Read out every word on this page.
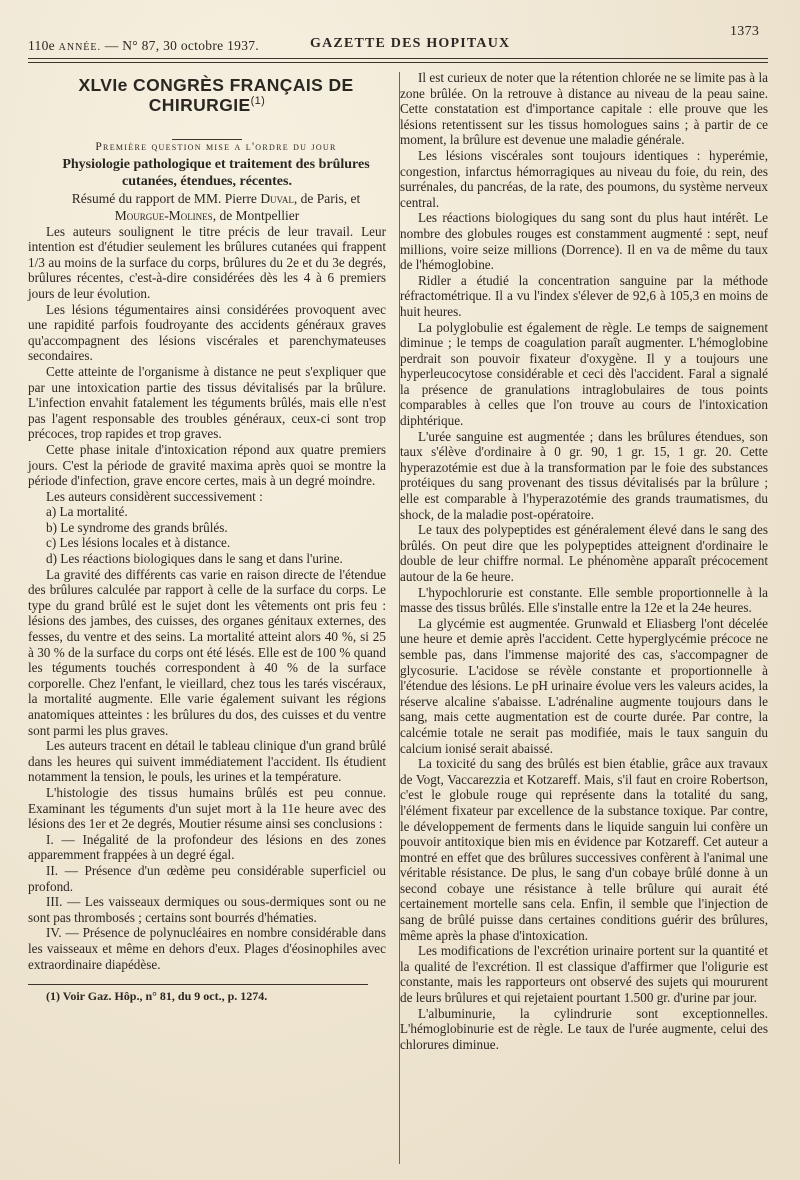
110e ANNÉE. — N° 87, 30 octobre 1937.	GAZETTE DES HOPITAUX
1373

XLVIe CONGRÈS FRANÇAIS DE CHIRURGIE$^{(1)}$

Première question mise a l'ordre du jour

Physiologie pathologique et traitement des brûlures cutanées, étendues, récentes.

Résumé du rapport de MM. Pierre Duval, de Paris, et Mourgue-Molines, de Montpellier

Les auteurs soulignent le titre précis de leur travail. Leur intention est d'étudier seulement les brûlures cutanées qui frappent 1/3 au moins de la surface du corps, brûlures du 2e et du 3e degrés, brûlures récentes, c'est-à-dire considérées dès les 4 à 6 premiers jours de leur évolution.

Les lésions tégumentaires ainsi considérées provoquent avec une rapidité parfois foudroyante des accidents généraux graves qu'accompagnent des lésions viscérales et parenchymateuses secondaires.

Cette atteinte de l'organisme à distance ne peut s'expliquer que par une intoxication partie des tissus dévitalisés par la brûlure. L'infection envahit fatalement les téguments brûlés, mais elle n'est pas l'agent responsable des troubles généraux, ceux-ci sont trop précoces, trop rapides et trop graves.

Cette phase initale d'intoxication répond aux quatre premiers jours. C'est la période de gravité maxima après quoi se montre la période d'infection, grave encore certes, mais à un degré moindre.

Les auteurs considèrent successivement :

a) La mortalité.

b) Le syndrome des grands brûlés.

c) Les lésions locales et à distance.

d) Les réactions biologiques dans le sang et dans l'urine.

La gravité des différents cas varie en raison directe de l'étendue des brûlures calculée par rapport à celle de la surface du corps. Le type du grand brûlé est le sujet dont les vêtements ont pris feu : lésions des jambes, des cuisses, des organes génitaux externes, des fesses, du ventre et des seins. La mortalité atteint alors 40 %, si 25 à 30 % de la surface du corps ont été lésés. Elle est de 100 % quand les téguments touchés correspondent à 40 % de la surface corporelle. Chez l'enfant, le vieillard, chez tous les tarés viscéraux, la mortalité augmente. Elle varie également suivant les régions anatomiques atteintes : les brûlures du dos, des cuisses et du ventre sont parmi les plus graves.

Les auteurs tracent en détail le tableau clinique d'un grand brûlé dans les heures qui suivent immédiatement l'accident. Ils étudient notamment la tension, le pouls, les urines et la température.

L'histologie des tissus humains brûlés est peu connue. Examinant les téguments d'un sujet mort à la 11e heure avec des lésions des 1er et 2e degrés, Moutier résume ainsi ses conclusions :

I. — Inégalité de la profondeur des lésions en des zones apparemment frappées à un degré égal.

II. — Présence d'un œdème peu considérable superficiel ou profond.

III. — Les vaisseaux dermiques ou sous-dermiques sont ou ne sont pas thrombosés ; certains sont bourrés d'hématies.

IV. — Présence de polynucléaires en nombre considérable dans les vaisseaux et même en dehors d'eux. Plages d'éosinophiles avec extraordinaire diapédèse.

(1) Voir Gaz. Hôp., n° 81, du 9 oct., p. 1274.

Il est curieux de noter que la rétention chlorée ne se limite pas à la zone brûlée. On la retrouve à distance au niveau de la peau saine. Cette constatation est d'importance capitale : elle prouve que les lésions retentissent sur les tissus homologues sains ; à partir de ce moment, la brûlure est devenue une maladie générale.

Les lésions viscérales sont toujours identiques : hyperémie, congestion, infarctus hémorragiques au niveau du foie, du rein, des surrénales, du pancréas, de la rate, des poumons, du système nerveux central.

Les réactions biologiques du sang sont du plus haut intérêt. Le nombre des globules rouges est constamment augmenté : sept, neuf millions, voire seize millions (Dorrence). Il en va de même du taux de l'hémoglobine.

Ridler a étudié la concentration sanguine par la méthode réfractométrique. Il a vu l'index s'élever de 92,6 à 105,3 en moins de huit heures.

La polyglobulie est également de règle. Le temps de saignement diminue ; le temps de coagulation paraît augmenter. L'hémoglobine perdrait son pouvoir fixateur d'oxygène. Il y a toujours une hyperleucocytose considérable et ceci dès l'accident. Faral a signalé la présence de granulations intraglobulaires de tous points comparables à celles que l'on trouve au cours de l'intoxication diphtérique.

L'urée sanguine est augmentée ; dans les brûlures étendues, son taux s'élève d'ordinaire à 0 gr. 90, 1 gr. 15, 1 gr. 20. Cette hyperazotémie est due à la transformation par le foie des substances protéiques du sang provenant des tissus dévitalisés par la brûlure ; elle est comparable à l'hyperazotémie des grands traumatismes, du shock, de la maladie post-opératoire.

Le taux des polypeptides est généralement élevé dans le sang des brûlés. On peut dire que les polypeptides atteignent d'ordinaire le double de leur chiffre normal. Le phénomène apparaît précocement autour de la 6e heure.

L'hypochlorurie est constante. Elle semble proportionnelle à la masse des tissus brûlés. Elle s'installe entre la 12e et la 24e heures.

La glycémie est augmentée. Grunwald et Eliasberg l'ont décelée une heure et demie après l'accident. Cette hyperglycémie précoce ne semble pas, dans l'immense majorité des cas, s'accompagner de glycosurie. L'acidose se révèle constante et proportionnelle à l'étendue des lésions. Le pH urinaire évolue vers les valeurs acides, la réserve alcaline s'abaisse. L'adrénaline augmente toujours dans le sang, mais cette augmentation est de courte durée. Par contre, la calcémie totale ne serait pas modifiée, mais le taux sanguin du calcium ionisé serait abaissé.

La toxicité du sang des brûlés est bien établie, grâce aux travaux de Vogt, Vaccarezzia et Kotzareff. Mais, s'il faut en croire Robertson, c'est le globule rouge qui représente dans la totalité du sang, l'élément fixateur par excellence de la substance toxique. Par contre, le développement de ferments dans le liquide sanguin lui confère un pouvoir antitoxique bien mis en évidence par Kotzareff. Cet auteur a montré en effet que des brûlures successives confèrent à l'animal une véritable résistance. De plus, le sang d'un cobaye brûlé donne à un second cobaye une résistance à telle brûlure qui aurait été certainement mortelle sans cela. Enfin, il semble que l'injection de sang de brûlé puisse dans certaines conditions guérir des brûlures, même après la phase d'intoxication.

Les modifications de l'excrétion urinaire portent sur la quantité et la qualité de l'excrétion. Il est classique d'affirmer que l'oligurie est constante, mais les rapporteurs ont observé des sujets qui moururent de leurs brûlures et qui rejetaient pourtant 1.500 gr. d'urine par jour.

L'albuminurie, la cylindrurie sont exceptionnelles. L'hémoglobinurie est de règle. Le taux de l'urée augmente, celui des chlorures diminue.
